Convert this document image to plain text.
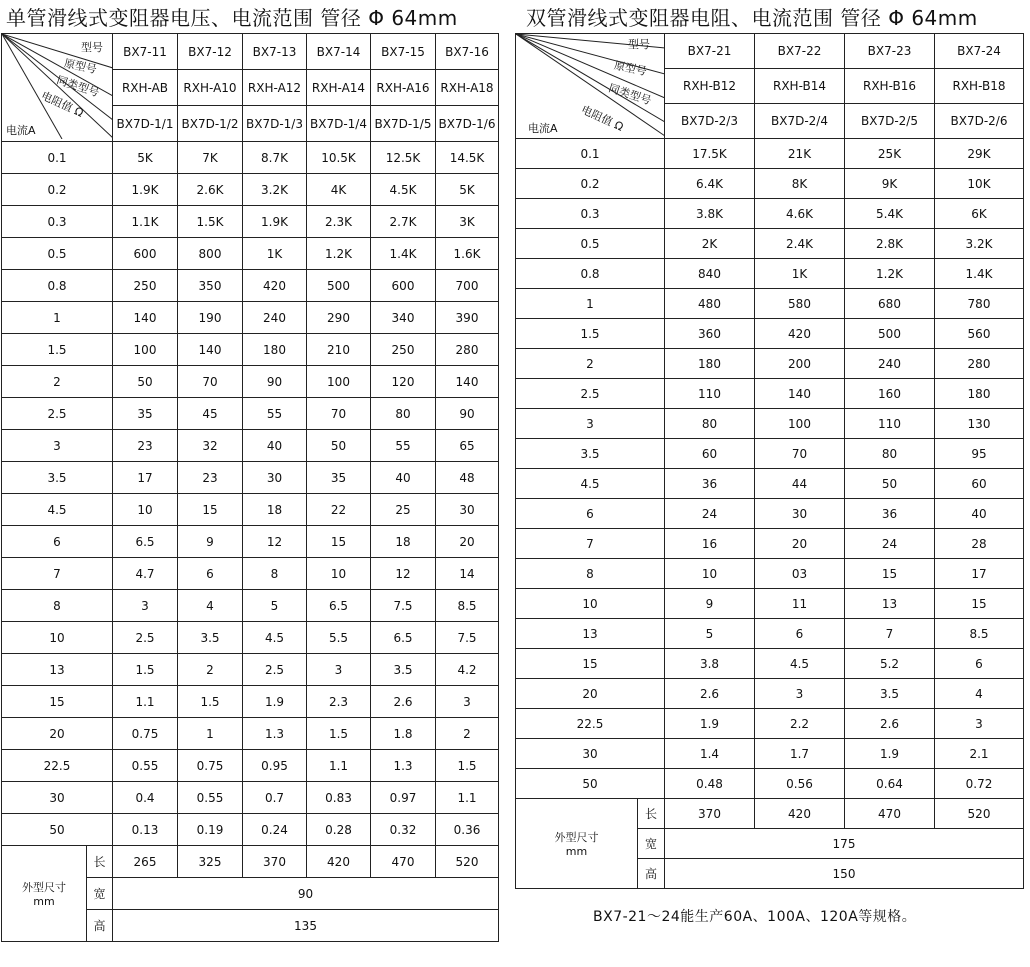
单管滑线式变阻器电压、电流范围 管径 Φ 64mm	双管滑线式变阻器电阻、电流范围 管径 Φ 64mm
型号
原型号
同类型号
电阻值 Ω
电流A		BX7-11	BX7-12	BX7-13	BX7-14	BX7-15	BX7-16
		RXH-AB	RXH-A10	RXH-A12	RXH-A14	RXH-A16	RXH-A18
		BX7D-1/1	BX7D-1/2	BX7D-1/3	BX7D-1/4	BX7D-1/5	BX7D-1/6
0.1		5K	7K	8.7K	10.5K	12.5K	14.5K
0.2		1.9K	2.6K	3.2K	4K	4.5K	5K
0.3		1.1K	1.5K	1.9K	2.3K	2.7K	3K
0.5		600	800	1K	1.2K	1.4K	1.6K
0.8		250	350	420	500	600	700
1		140	190	240	290	340	390
1.5		100	140	180	210	250	280
2		50	70	90	100	120	140
2.5		35	45	55	70	80	90
3		23	32	40	50	55	65
3.5		17	23	30	35	40	48
4.5		10	15	18	22	25	30
6		6.5	9	12	15	18	20
7		4.7	6	8	10	12	14
8		3	4	5	6.5	7.5	8.5
10		2.5	3.5	4.5	5.5	6.5	7.5
13		1.5	2	2.5	3	3.5	4.2
15		1.1	1.5	1.9	2.3	2.6	3
20		0.75	1	1.3	1.5	1.8	2
22.5		0.55	0.75	0.95	1.1	1.3	1.5
30		0.4	0.55	0.7	0.83	0.97	1.1
50		0.13	0.19	0.24	0.28	0.32	0.36

外型尺寸
mm	长	265	325	370	420	470	520
	宽	90					
	高	135					
型号
原型号
同类型号
电阻值 Ω
电流A		BX7-21	BX7-22	BX7-23	BX7-24
		RXH-B12	RXH-B14	RXH-B16	RXH-B18
		BX7D-2/3	BX7D-2/4	BX7D-2/5	BX7D-2/6
0.1		17.5K	21K	25K	29K
0.2		6.4K	8K	9K	10K
0.3		3.8K	4.6K	5.4K	6K
0.5		2K	2.4K	2.8K	3.2K
0.8		840	1K	1.2K	1.4K
1		480	580	680	780
1.5		360	420	500	560
2		180	200	240	280
2.5		110	140	160	180
3		80	100	110	130
3.5		60	70	80	95
4.5		36	44	50	60
6		24	30	36	40
7		16	20	24	28
8		10	03	15	17
10		9	11	13	15
13		5	6	7	8.5
15		3.8	4.5	5.2	6
20		2.6	3	3.5	4
22.5		1.9	2.2	2.6	3
30		1.4	1.7	1.9	2.1
50		0.48	0.56	0.64	0.72

外型尺寸
mm	长	370	420	470	520
	宽	175			
	高	150			
BX7-21～24能生产60A、100A、120A等规格。
